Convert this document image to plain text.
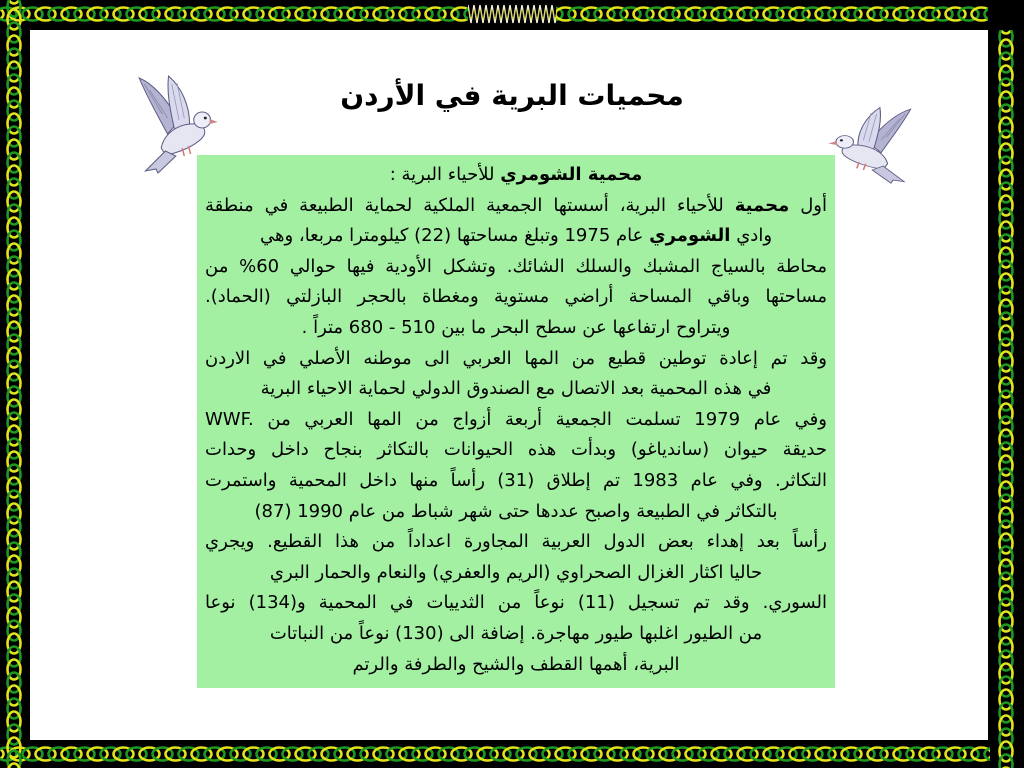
محميات البرية في الأردن
محمية الشومري للأحياء البرية :
أول محمية للأحياء البرية، أسستها الجمعية الملكية لحماية الطبيعة في منطقة
وادي الشومري عام 1975 وتبلغ مساحتها (22) كيلومترا مربعا، وهي
محاطة بالسياج المشبك والسلك الشائك. وتشكل الأودية فيها حوالي 60% من
مساحتها وباقي المساحة أراضي مستوية ومغطاة بالحجر البازلتي (الحماد).
ويتراوح ارتفاعها عن سطح البحر ما بين 510 - 680 متراً .
وقد تم إعادة توطين قطيع من المها العربي الى موطنه الأصلي في الاردن
في هذه المحمية بعد الاتصال مع الصندوق الدولي لحماية الاحياء البرية
WWF. وفي عام 1979 تسلمت الجمعية أربعة أزواج من المها العربي من
حديقة حيوان (ساندياغو) وبدأت هذه الحيوانات بالتكاثر بنجاح داخل وحدات
التكاثر. وفي عام 1983 تم إطلاق (31) رأساً منها داخل المحمية واستمرت
بالتكاثر في الطبيعة واصبح عددها حتى شهر شباط من عام 1990 (87)
رأساً بعد إهداء بعض الدول العربية المجاورة اعداداً من هذا القطيع. ويجري
حاليا اكثار الغزال الصحراوي (الريم والعفري) والنعام والحمار البري
السوري. وقد تم تسجيل (11) نوعاً من الثدييات في المحمية و(134) نوعا
من الطيور اغلبها طيور مهاجرة. إضافة الى (130) نوعاً من النباتات
البرية، أهمها القطف والشيح والطرفة والرتم
